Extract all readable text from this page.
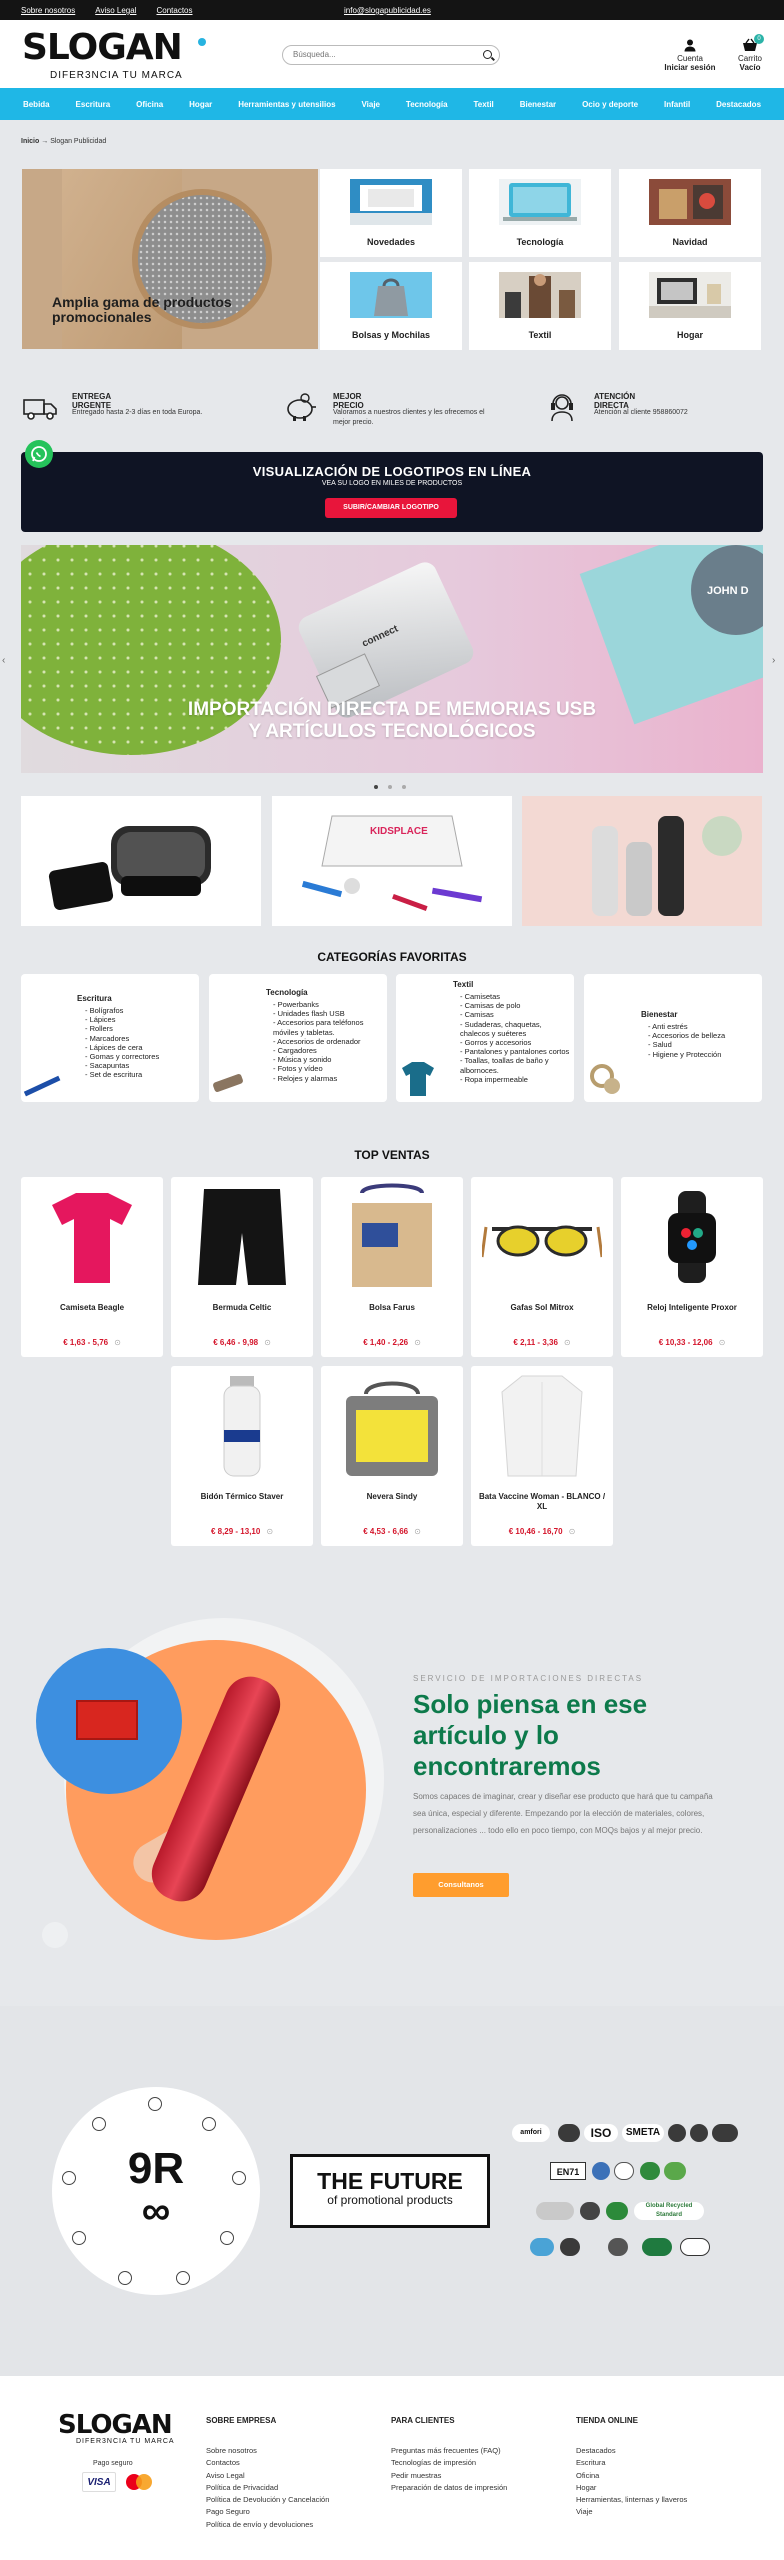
Sobre nosotros	Aviso Legal	Contactos	info@slogapublicidad.es
SLOGAN
DIFER3NCIA TU MARCA
Búsqueda...
Cuenta
Iniciar sesión
0
Carrito
Vacío
Bebida	Escritura	Oficina	Hogar	Herramientas y utensilios	Viaje	Tecnología	Textil	Bienestar	Ocio y deporte	Infantil	Destacados
Inicio → Slogan Publicidad
Amplia gama de productos promocionales
Novedades	Tecnología	Navidad
Bolsas y Mochilas	Textil	Hogar
ENTREGA URGENTE
Entregado hasta 2-3 días en toda Europa.
MEJOR PRECIO
Valoramos a nuestros clientes y les ofrecemos el mejor precio.
ATENCIÓN DIRECTA
Atención al cliente 958860072
VISUALIZACIÓN DE LOGOTIPOS EN LÍNEA
VEA SU LOGO EN MILES DE PRODUCTOS
SUBIR/CAMBIAR LOGOTIPO
IMPORTACIÓN DIRECTA DE MEMORIAS USB
Y ARTÍCULOS TECNOLÓGICOS
connect
JOHN D
‹	›
KIDSPLACE
CATEGORÍAS FAVORITAS
Escritura
- Bolígrafos
- Lápices
- Rollers
- Marcadores
- Lápices de cera
- Gomas y correctores
- Sacapuntas
- Set de escritura
Tecnología
- Powerbanks
- Unidades flash USB
- Accesorios para teléfonos móviles y tabletas.
- Accesorios de ordenador
- Cargadores
- Música y sonido
- Fotos y vídeo
- Relojes y alarmas
Textil
- Camisetas
- Camisas de polo
- Camisas
- Sudaderas, chaquetas, chalecos y suéteres
- Gorros y accesorios
- Pantalones y pantalones cortos
- Toallas, toallas de baño y albornoces.
- Ropa impermeable
Bienestar
- Anti estrés
- Accesorios de belleza
- Salud
- Higiene y Protección
TOP VENTAS
Camiseta Beagle
€ 1,63 - 5,76 ⊙
Bermuda Celtic
€ 6,46 - 9,98 ⊙
Bolsa Farus
€ 1,40 - 2,26 ⊙
Gafas Sol Mitrox
€ 2,11 - 3,36 ⊙
Reloj Inteligente Proxor
€ 10,33 - 12,06 ⊙
Bidón Térmico Staver
€ 8,29 - 13,10 ⊙
Nevera Sindy
€ 4,53 - 6,66 ⊙
Bata Vaccine Woman - BLANCO / XL
€ 10,46 - 16,70 ⊙
SERVICIO DE IMPORTACIONES DIRECTAS
Solo piensa en ese artículo y lo encontraremos
Somos capaces de imaginar, crear y diseñar ese producto que hará que tu campaña sea única, especial y diferente. Empezando por la elección de materiales, colores, personalizaciones ... todo ello en poco tiempo, con MOQs bajos y al mejor precio.
Consultanos
9R
∞
THE FUTURE
of promotional products
amfori	ISO	SMETA
EN71
Global Recycled Standard
SLOGAN
DIFER3NCIA TU MARCA
Pago seguro
VISA
SOBRE EMPRESA
Sobre nosotros
Contactos
Aviso Legal
Política de Privacidad
Política de Devolución y Cancelación
Pago Seguro
Política de envío y devoluciones
PARA CLIENTES
Preguntas más frecuentes (FAQ)
Tecnologías de impresión
Pedir muestras
Preparación de datos de impresión
TIENDA ONLINE
Destacados
Escritura
Oficina
Hogar
Herramientas, linternas y llaveros
Viaje
